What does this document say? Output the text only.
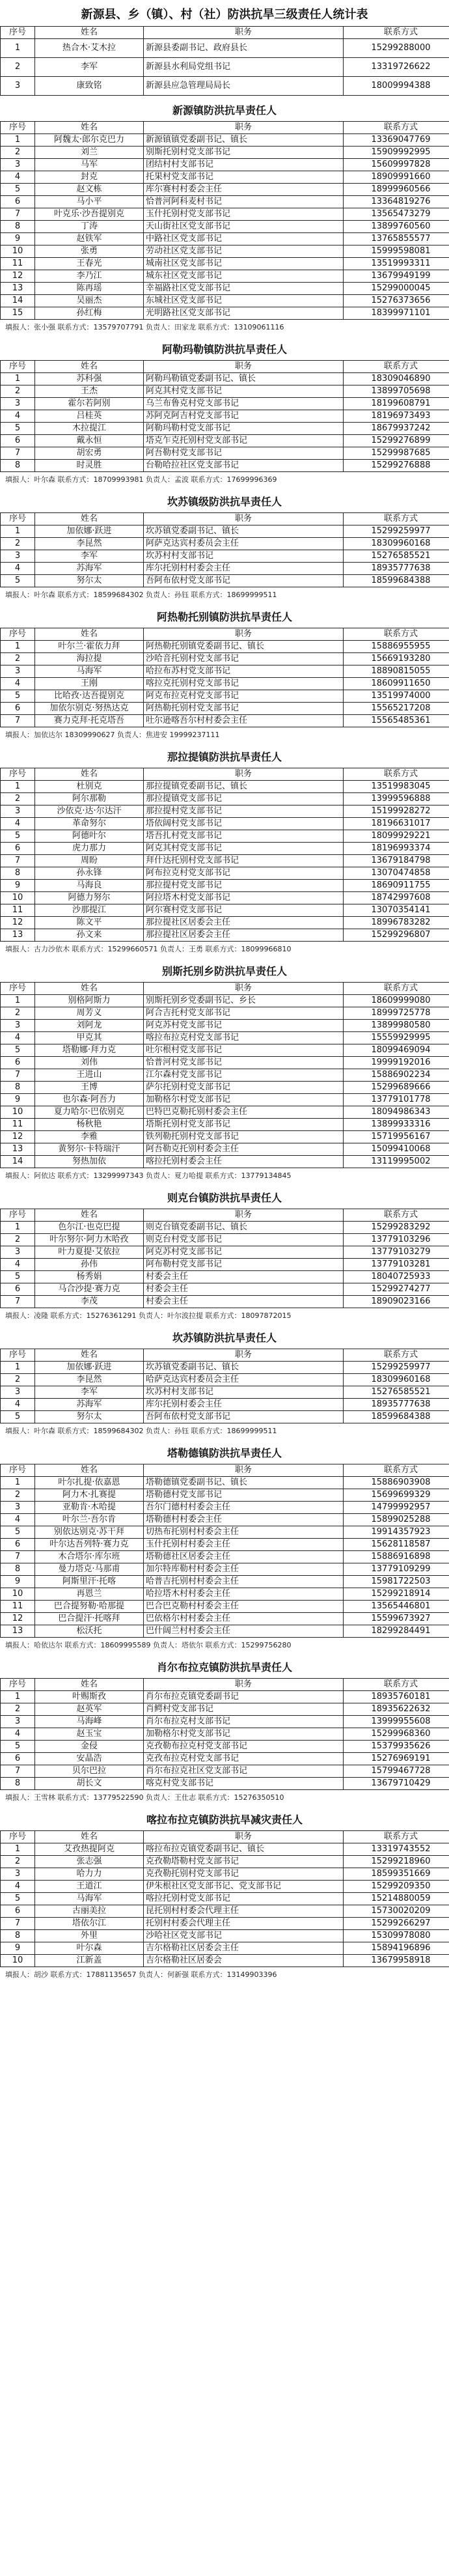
新源县、乡（镇）、村（社）防洪抗旱三级责任人统计表
序号	姓名	职务	联系方式
1	热合木·艾木拉	新源县委副书记、政府县长	15299288000
2	李军	新源县水利局党组书记	13319726622
3	康致铭	新源县应急管理局局长	18009994388
新源镇防洪抗旱责任人
序号	姓名	职务	联系方式
1	阿魏太·郎尔克巴力	新源镇镇党委副书记、镇长	13369047769
2	刘兰	别斯托别村党支部书记	15909992995
3	马军	团结村村支部书记	15609997828
4	封克	托果村党支部书记	18909991660
5	赵文栋	库尔赛村村委会主任	18999960566
6	马小平	恰普河阿科麦村书记	13364819276
7	叶克乐·沙吾提别克	玉什托别村党支部书记	13565473279
8	丁涛	天山街社区党支部书记	13899760560
9	赵铁军	中路社区党支部书记	13765855577
10	张勇	劳动社区党支部书记	15999598081
11	王春光	城南社区党支部书记	13519993311
12	李乃江	城东社区党支部书记	13679949199
13	陈再瑶	幸福路社区党支部书记	15299000045
14	吴丽杰	东城社区党支部书记	15276373656
15	孙红梅	光明路社区党支部书记	18399971101
填报人：张小强 联系方式：13579707791 负责人：田家龙 联系方式：13109061116
阿勒玛勒镇防洪抗旱责任人
序号	姓名	职务	联系方式
1	苏科强	阿勒玛勒镇党委副书记、镇长	18309046890
2	王杰	阿克其村党支部书记	13899705698
3	霍尔若阿别	乌兰布鲁克村党支部书记	18199608791
4	吕桂英	苏阿克阿吉村党支部书记	18196973493
5	木拉提江	阿勒玛勒村党支部书记	18679937242
6	戴永恒	塔克乍克托别村党支部书记	15299276899
7	胡宏勇	阿吾勒村党支部书记	15299987685
8	时灵胜	台勒哈拉社区党支部书记	15299276888
填报人：叶尔森 联系方式：18709993981 负责人：孟波 联系方式：17699996369
坎苏镇级防洪抗旱责任人
序号	姓名	职务	联系方式
1	加依娜·跃进	坎苏镇党委副书记、镇长	15299259977
2	李昆然	阿萨克达宾村委员会主任	18309960168
3	李军	坎苏村村支部书记	15276585521
4	苏海军	库尔托别村村委会主任	18935777638
5	努尔太	吾阿布依村党支部书记	18599684388
填报人：叶尔森 联系方式：18599684302 负责人：孙钰 联系方式：18699999511
阿热勒托别镇防洪抗旱责任人
序号	姓名	职务	联系方式
1	叶尔兰·霍依力拜	阿热勒托别镇党委副书记、镇长	15886955955
2	海拉提	沙哈音托别村党支部书记	15669193280
3	马海军	哈拉布苏村党支部书记	18890815055
4	王刚	喀拉克托别村党支部书记	18609911650
5	比哈孜·达吾提别克	阿克布拉克村党支部书记	13519974000
6	加依尔别克·努热达克	阿热勒托别村党支部书记	15565217208
7	赛力克拜·托克塔吾	吐尔逊喀吾尔村村委会主任	15565485361
填报人：加依达尔 18309990627 负责人：焦进安 19999237111
那拉提镇防洪抗旱责任人
序号	姓名	职务	联系方式
1	杜别克	那拉提镇党委副书记、镇长	13519983045
2	阿尔那勒	那拉提镇党支部书记	13999596888
3	沙依克·达·尔达汗	那拉提村党支部书记	15199928272
4	革命努尔	塔依阔村党支部书记	18196631017
5	阿德叶尔	塔吾扎村党支部书记	18099929221
6	虎力那力	阿克其村党支部书记	18196993374
7	周盼	拜什达托别村党支部书记	13679184798
8	孙永锋	阿布拉克村党支部书记	13070474858
9	马海良	那拉提村党支部书记	18690911755
10	阿德力努尔	阿拉塔木村党支部书记	18742997608
11	沙那提江	阿尔赛村党支部书记	13070354141
12	陈文平	那拉提社区居委会主任	18996783282
13	孙文来	那拉提社区居委会主任	15299296807
填报人：古力沙依木 联系方式：15299660571 负责人：王勇 联系方式：18099966810
别斯托别乡防洪抗旱责任人
序号	姓名	职务	联系方式
1	别格阿斯力	别斯托别乡党委副书记、乡长	18609999080
2	周芳义	阿合吉托村党支部书记	18999725778
3	刘阿龙	阿克苏村党支部书记	13899980580
4	甲克其	喀拉布拉克村党支部书记	15559929995
5	塔勒娜·拜力克	吐尔根村党支部书记	18099469094
6	刘伟	恰普河村党支部书记	19999192016
7	王进山	江尔森村党支部书记	15886902234
8	王博	萨尔托别村党支部书记	15299689666
9	也尔森·阿吾力	加勒格尔村党支部书记	13779101778
10	夏力哈尔·巴依别克	巴特巴克勒托别村委会主任	18094986343
11	杨秋艳	塔斯托别村党支部书记	13899933316
12	李雅	铁列勒托别村党支部书记	15719956167
13	黄努尔·卡特瑞汗	阿吾勒克托别村委会主任	15099410068
14	努热加依	喀拉托别村委会主任	13119995002
填报人：阿依达 联系方式：13299997343 负责人：夏力哈提 联系方式：13779134845
则克台镇防洪抗旱责任人
序号	姓名	职务	联系方式
1	色尔江·也克巴提	则克台镇党委副书记、镇长	15299283292
2	叶尔努尔·阿力木哈孜	则克台村党支部书记	13779103296
3	叶力夏提·艾依拉	阿克苏村党支部书记	13779103279
4	孙伟	阿布勒村党支部书记	13779103281
5	杨秀娟	村委会主任	18040725933
6	马合沙提·赛力克	村委会主任	15299274277
7	李茂	村委会主任	18909023166
填报人：凌隆 联系方式：15276361291 负责人：叶尔波拉提 联系方式：18097872015
坎苏镇防洪抗旱责任人
序号	姓名	职务	联系方式
1	加依娜·跃进	坎苏镇党委副书记、镇长	15299259977
2	李昆然	哈萨克达宾村委员会主任	18309960168
3	李军	坎苏村村支部书记	15276585521
4	苏海军	库尔托别村委会主任	18935777638
5	努尔太	吾阿布依村党支部书记	18599684388
填报人：叶尔森 联系方式：18599684302 负责人：孙钰 联系方式：18699999511
塔勒德镇防洪抗旱责任人
序号	姓名	职务	联系方式
1	叶尔扎提·依嘉恩	塔勒德镇党委副书记、镇长	15886903908
2	阿力木·扎赛提	塔勒德村党支部书记	15699699329
3	亚勒肯·木哈提	吾尔门德村村委会主任	14799992957
4	叶尔兰·吾尔肯	塔勒德村村委会主任	15899025288
5	别依达别克·苏干拜	切热布托别村村委会主任	19914357923
6	叶尔达吾列特·赛力克	玉什托别村村委会主任	15628118587
7	木合塔尔·库尔班	塔勒德社区居委会主任	15886916898
8	曼力塔克·马那甫	加尔特库勒村村委会主任	13779109299
9	阿斯里汗·托喀	哈普吉托别村村委会主任	15981722503
10	再恩兰	哈拉塔木村村委会主任	15299218914
11	巴合提努勒·哈那提	巴合巴克勒村村委会主任	13565446801
12	巴合提汗·托喀拜	巴依格尔村村委会主任	15599673927
13	松沃托	巴什阔兰村村委会主任	18299284491
填报人：哈依达尔 联系方式：18609995589 负责人：塔依尔 联系方式：15299756280
肖尔布拉克镇防洪抗旱责任人
序号	姓名	职务	联系方式
1	叶赐斯孜	肖尔布拉克镇党委副书记	18935760181
2	赵英军	肖鳄村党支部书记	18935622632
3	马海峰	肖尔布拉克村支部书记	13999955608
4	赵玉宝	加勒格尔村党支部书记	15299968360
5	金侵	克孜勒布拉克村党支部书记	15379935626
6	安晶浩	克孜布拉克村党支部书记	15276969191
7	贝尔巴拉	肖尔布拉克社区党支部书记	15799467728
8	胡长文	喀克村党支部书记	13679710429
填报人：王雪林 联系方式：13779522590 负责人：王仕志 联系方式：15276350510
喀拉布拉克镇防洪抗旱减灾责任人
序号	姓名	职务	联系方式
1	艾孜热提阿克	喀拉布拉克镇党委副书记、镇长	13319743552
2	张志强	克孜勒塔勒村党支部书记	15299218960
3	哈力力	克孜勒托别村党支部书记	18599351669
4	王道江	伊朱根社区党支部书记、党支部书记	15299209350
5	马海军	喀拉托别村党支部书记	15214880059
6	古丽美拉	昆托别村村委会代理主任	15730020209
7	塔依尔江	托别村村委会代理主任	15299266297
8	外里	沙哈社区党支部书记	15309978080
9	叶尔森	吉尔格勒社区居委会主任	15894196896
10	江新盖	吉尔格勒社区居委会	13679958918
填报人：胡沙 联系方式：17881135657 负责人：何新强 联系方式：13149903396
